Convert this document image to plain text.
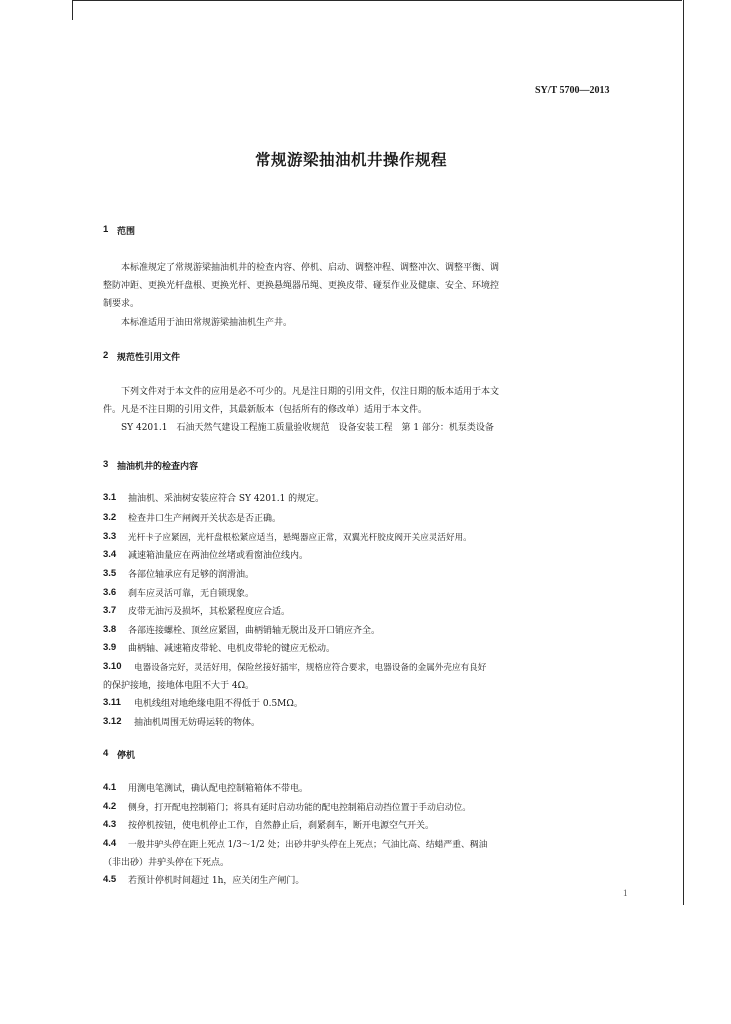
SY/T 5700—2013
常规游梁抽油机井操作规程
1 范围
本标准规定了常规游梁抽油机井的检查内容、停机、启动、调整冲程、调整冲次、调整平衡、调
整防冲距、更换光杆盘根、更换光杆、更换悬绳器吊绳、更换皮带、碰泵作业及健康、安全、环境控
制要求。
本标准适用于油田常规游梁抽油机生产井。
2 规范性引用文件
下列文件对于本文件的应用是必不可少的。凡是注日期的引用文件，仅注日期的版本适用于本文
件。凡是不注日期的引用文件，其最新版本（包括所有的修改单）适用于本文件。
SY 4201.1　石油天然气建设工程施工质量验收规范　设备安装工程　第 1 部分：机泵类设备
3 抽油机井的检查内容
3.1 抽油机、采油树安装应符合 SY 4201.1 的规定。
3.2 检查井口生产闸阀开关状态是否正确。
3.3 光杆卡子应紧固，光杆盘根松紧应适当，悬绳器应正常，双翼光杆胶皮阀开关应灵活好用。
3.4 减速箱油量应在两油位丝堵或看窗油位线内。
3.5 各部位轴承应有足够的润滑油。
3.6 刹车应灵活可靠，无自锁现象。
3.7 皮带无油污及损坏，其松紧程度应合适。
3.8 各部连接螺栓、顶丝应紧固，曲柄销轴无脱出及开口销应齐全。
3.9 曲柄轴、减速箱皮带轮、电机皮带轮的键应无松动。
3.10 电器设备完好，灵活好用，保险丝接好插牢，规格应符合要求，电器设备的金属外壳应有良好
的保护接地，接地体电阻不大于 4Ω。
3.11 电机线组对地绝缘电阻不得低于 0.5MΩ。
3.12 抽油机周围无妨碍运转的物体。
4 停机
4.1 用测电笔测试，确认配电控制箱箱体不带电。
4.2 侧身，打开配电控制箱门；将具有延时启动功能的配电控制箱启动挡位置于手动启动位。
4.3 按停机按钮，使电机停止工作，自然静止后，刹紧刹车，断开电源空气开关。
4.4 一般井驴头停在距上死点 1/3～1/2 处；出砂井驴头停在上死点；气油比高、结蜡严重、稠油
（非出砂）井驴头停在下死点。
4.5 若预计停机时间超过 1h，应关闭生产闸门。
1
